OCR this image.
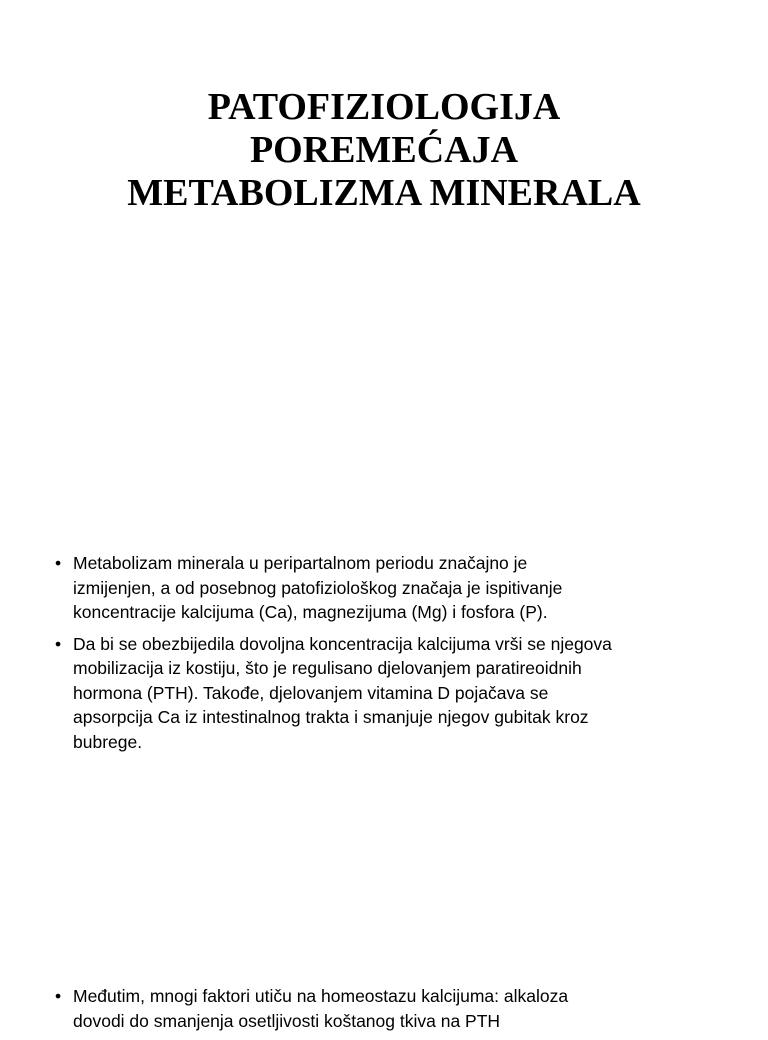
PATOFIZIOLOGIJA
POREMEĆAJA
METABOLIZMA MINERALA
• Metabolizam minerala u peripartalnom periodu značajno je
izmijenjen, a od posebnog patofiziološkog značaja je ispitivanje
koncentracije kalcijuma (Ca), magnezijuma (Mg) i fosfora (P).
• Da bi se obezbijedila dovoljna koncentracija kalcijuma vrši se njegova
mobilizacija iz kostiju, što je regulisano djelovanjem paratireoidnih
hormona (PTH). Takođe, djelovanjem vitamina D pojačava se
apsorpcija Ca iz intestinalnog trakta i smanjuje njegov gubitak kroz
bubrege.
• Međutim, mnogi faktori utiču na homeostazu kalcijuma: alkaloza
dovodi do smanjenja osetljivosti koštanog tkiva na PTH
